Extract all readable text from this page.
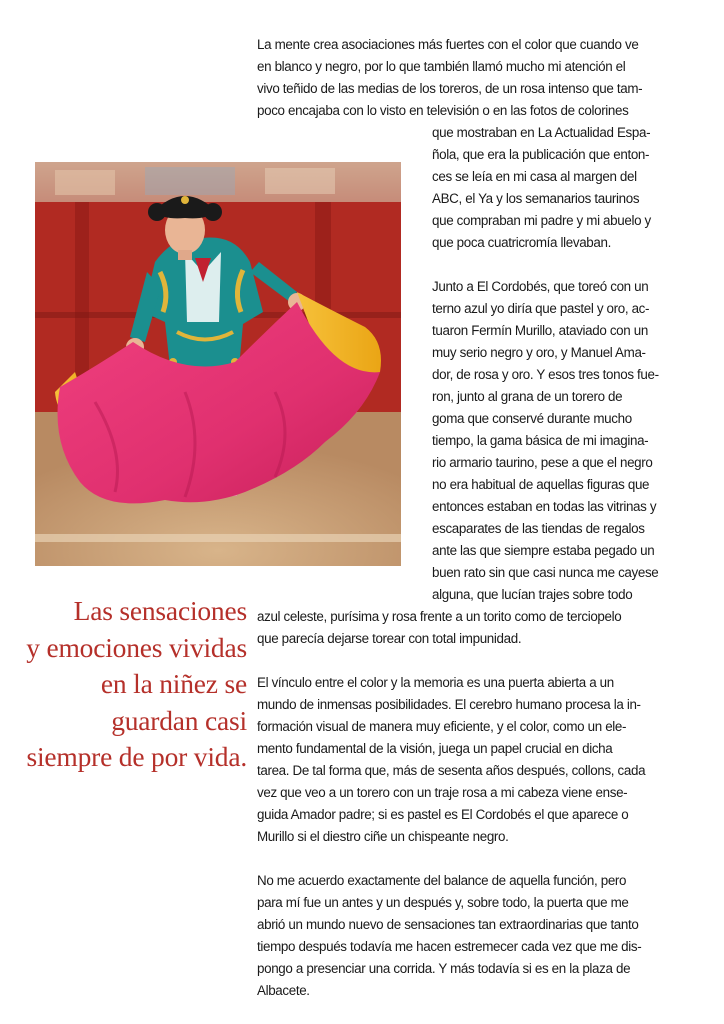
La mente crea asociaciones más fuertes con el color que cuando ve

en blanco y negro, por lo que también llamó mucho mi atención el

vivo teñido de las medias de los toreros, de un rosa intenso que tam-

poco encajaba con lo visto en televisión o en las fotos de colorines

que mostraban en La Actualidad Espa-

ñola, que era la publicación que enton-

ces se leía en mi casa al margen del

ABC, el Ya y los semanarios taurinos

que compraban mi padre y mi abuelo y

que poca cuatricromía llevaban.

Junto a El Cordobés, que toreó con un

terno azul yo diría que pastel y oro, ac-

tuaron Fermín Murillo, ataviado con un

muy serio negro y oro, y Manuel Ama-

dor, de rosa y oro. Y esos tres tonos fue-

ron, junto al grana de un torero de

goma que conservé durante mucho

tiempo, la gama básica de mi imagina-

rio armario taurino, pese a que el negro

no era habitual de aquellas figuras que

entonces estaban en todas las vitrinas y

escaparates de las tiendas de regalos

ante las que siempre estaba pegado un

buen rato sin que casi nunca me cayese

alguna, que lucían trajes sobre todo

Las sensaciones
y emociones vividas
en la niñez se
guardan casi
siempre de por vida.

azul celeste, purísima y rosa frente a un torito como de terciopelo

que parecía dejarse torear con total impunidad.

El vínculo entre el color y la memoria es una puerta abierta a un

mundo de inmensas posibilidades. El cerebro humano procesa la in-

formación visual de manera muy eficiente, y el color, como un ele-

mento fundamental de la visión, juega un papel crucial en dicha

tarea. De tal forma que, más de sesenta años después, collons, cada

vez que veo a un torero con un traje rosa a mi cabeza viene ense-

guida Amador padre; si es pastel es El Cordobés el que aparece o

Murillo si el diestro ciñe un chispeante negro.

No me acuerdo exactamente del balance de aquella función, pero

para mí fue un antes y un después y, sobre todo, la puerta que me

abrió un mundo nuevo de sensaciones tan extraordinarias que tanto

tiempo después todavía me hacen estremecer cada vez que me dis-

pongo a presenciar una corrida. Y más todavía si es en la plaza de

Albacete.
